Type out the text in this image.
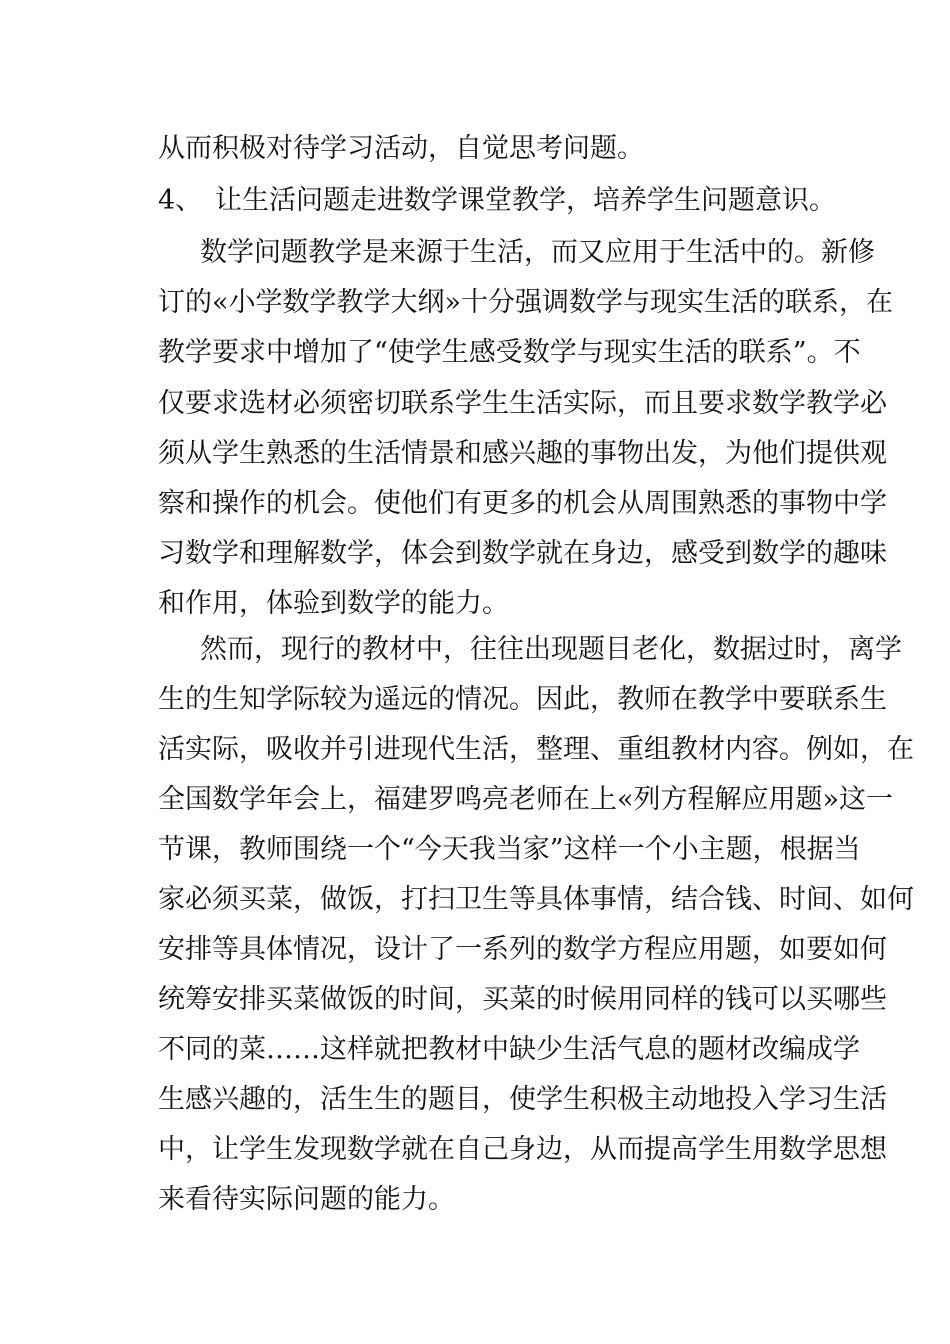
从而积极对待学习活动，自觉思考问题。
4、 让生活问题走进数学课堂教学，培养学生问题意识。
数学问题教学是来源于生活，而又应用于生活中的。新修
订的«小学数学教学大纲»十分强调数学与现实生活的联系，在
教学要求中增加了“使学生感受数学与现实生活的联系”。不
仅要求选材必须密切联系学生生活实际，而且要求数学教学必
须从学生熟悉的生活情景和感兴趣的事物出发，为他们提供观
察和操作的机会。使他们有更多的机会从周围熟悉的事物中学
习数学和理解数学，体会到数学就在身边，感受到数学的趣味
和作用，体验到数学的能力。
然而，现行的教材中，往往出现题目老化，数据过时，离学
生的生知学际较为遥远的情况。因此，教师在教学中要联系生
活实际，吸收并引进现代生活，整理、重组教材内容。例如，在
全国数学年会上，福建罗鸣亮老师在上«列方程解应用题»这一
节课，教师围绕一个“今天我当家”这样一个小主题，根据当
家必须买菜，做饭，打扫卫生等具体事情，结合钱、时间、如何
安排等具体情况，设计了一系列的数学方程应用题，如要如何
统筹安排买菜做饭的时间，买菜的时候用同样的钱可以买哪些
不同的菜……这样就把教材中缺少生活气息的题材改编成学
生感兴趣的，活生生的题目，使学生积极主动地投入学习生活
中，让学生发现数学就在自己身边，从而提高学生用数学思想
来看待实际问题的能力。
